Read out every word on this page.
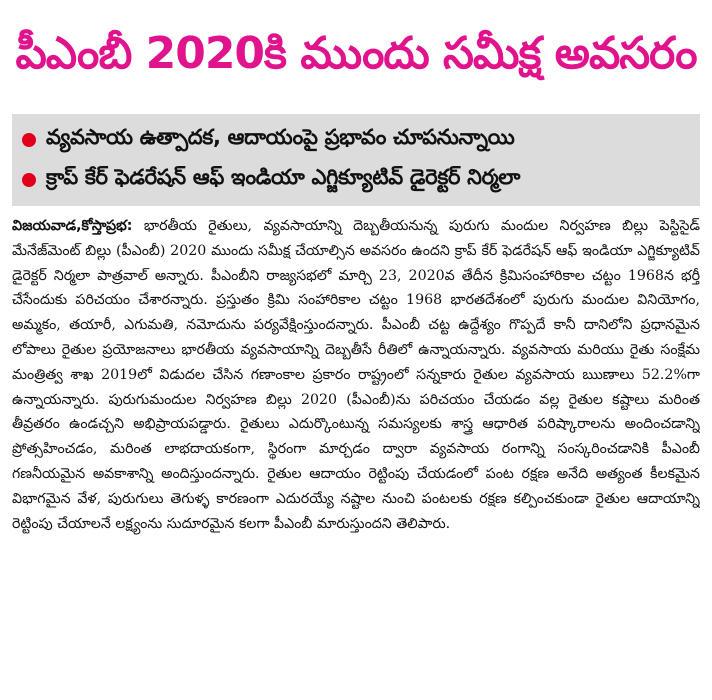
పీఎంబీ 2020కి ముందు సమీక్ష అవసరం
వ్యవసాయ ఉత్పాదక, ఆదాయంపై ప్రభావం చూపనున్నాయి
క్రాప్ కేర్ ఫెడరేషన్ ఆఫ్ ఇండియా ఎగ్జిక్యూటివ్ డైరెక్టర్ నిర్మలా
విజయవాడ,కోస్తాప్రభ: భారతీయ రైతులు, వ్యవసాయాన్ని దెబ్బతీయనున్న పురుగు మందుల నిర్వహణ బిల్లు పెస్టిసైడ్ మేనేజ్‌మెంట్ బిల్లు (పీఎంబీ) 2020 ముందు సమీక్ష చేయాల్సిన అవసరం ఉందని క్రాప్ కేర్ ఫెడరేషన్ ఆఫ్ ఇండియా ఎగ్జిక్యూటివ్ డైరెక్టర్ నిర్మలా పాత్రవాల్ అన్నారు. పీఎంబీని రాజ్యసభలో మార్చి 23, 2020వ తేదీన క్రిమిసంహారికాల చట్టం 1968న భర్తీ చేసేందుకు పరిచయం చేశారన్నారు. ప్రస్తుతం క్రిమి సంహారికాల చట్టం 1968 భారతదేశంలో పురుగు మందుల వినియోగం, అమ్మకం, తయారీ, ఎగుమతి, నమోదును పర్యవేక్షింస్తుందన్నారు. పీఎంబీ చట్ట ఉద్దేశ్యం గొప్పదే కానీ దానిలోని ప్రధానమైన లోపాలు రైతుల ప్రయోజనాలు భారతీయ వ్యవసాయాన్ని దెబ్బతీసే రీతిలో ఉన్నాయన్నారు. వ్యవసాయ మరియు రైతు సంక్షేమ మంత్రిత్వ శాఖ 2019లో విడుదల చేసిన గణాంకాల ప్రకారం రాష్ట్రంలో సన్నకారు రైతుల వ్యవసాయ ఋణాలు 52.2%గా ఉన్నాయన్నారు. పురుగుమందుల నిర్వహణ బిల్లు 2020 (పీఎంబీ)ను పరిచయం చేయడం వల్ల రైతుల కష్టాలు మరింత తీవ్రతరం ఉండచ్చని అభిప్రాయపడ్డారు. రైతులు ఎదుర్కొంటున్న సమస్యలకు శాస్త్ర ఆధారిత పరిష్కారాలను అందించడాన్ని ప్రోత్సహించడం, మరింత లాభదాయకంగా, స్థిరంగా మార్చడం ద్వారా వ్యవసాయ రంగాన్ని సంస్కరించడానికి పీఎంబీ గణనీయమైన అవకాశాన్ని అందిస్తుందన్నారు. రైతుల ఆదాయం రెట్టింపు చేయడంలో పంట రక్షణ అనేది అత్యంత కీలకమైన విభాగమైన వేళ, పురుగులు తెగుళ్ళ కారణంగా ఎదురయ్యే నష్టాల నుంచి పంటలకు రక్షణ కల్పించకుండా రైతుల ఆదాయాన్ని రెట్టింపు చేయాలనే లక్ష్యంను సుదూరమైన కలగా పీఎంబీ మారుస్తుందని తెలిపారు.
